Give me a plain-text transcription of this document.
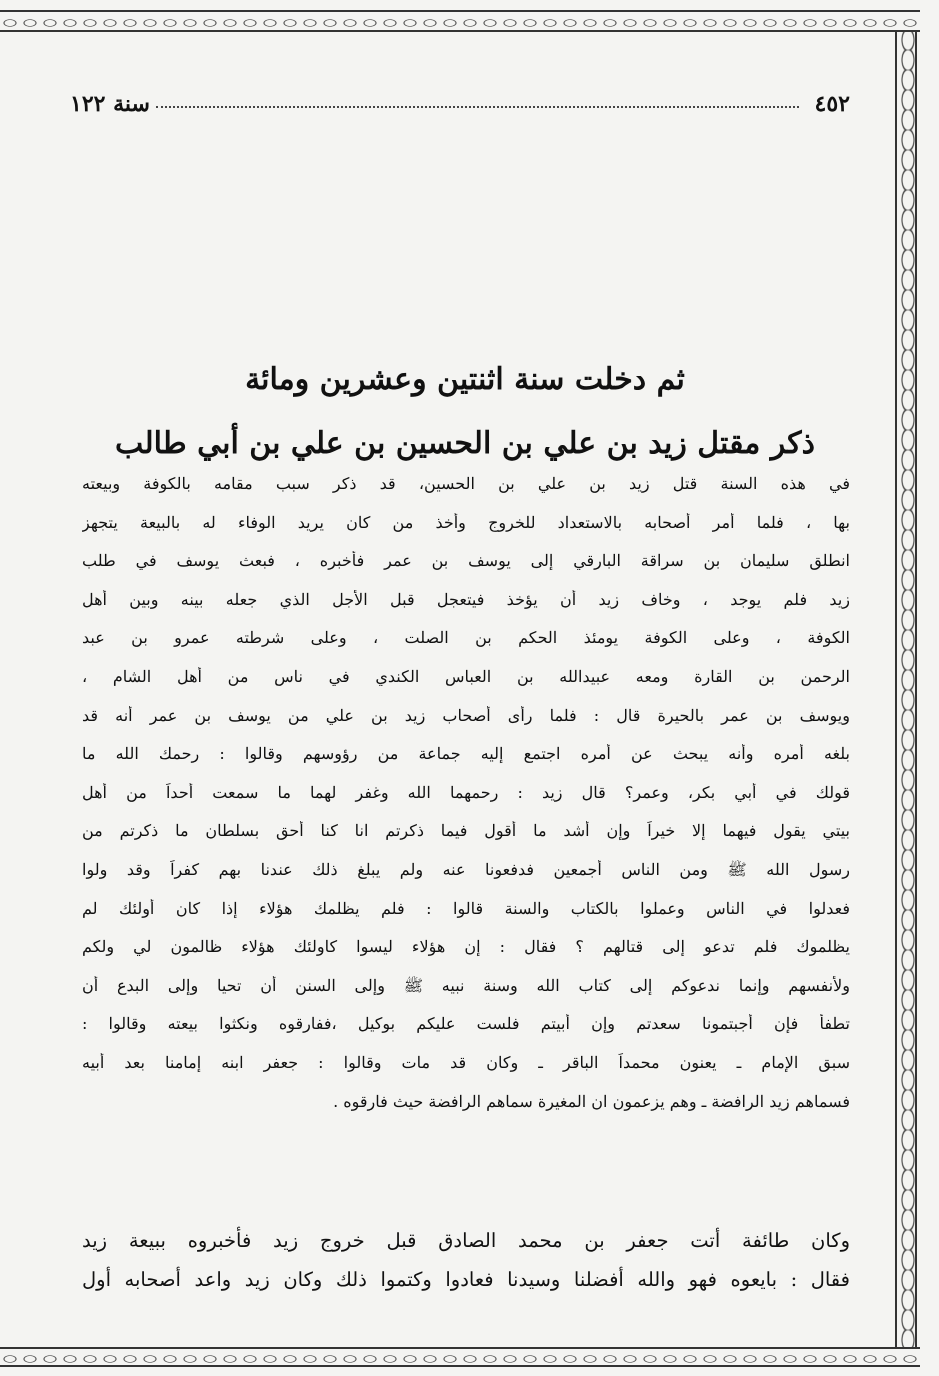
٤٥٢
سنة ١٢٢
ثم دخلت سنة اثنتين وعشرين ومائة
ذكر مقتل زيد بن علي بن الحسين بن علي بن أبي طالب
في هذه السنة قتل زيد بن علي بن الحسين، قد ذكر سبب مقامه بالكوفة وبيعته
بها ، فلما أمر أصحابه بالاستعداد للخروج وأخذ من كان يريد الوفاء له بالبيعة يتجهز
انطلق سليمان بن سراقة البارقي إلى يوسف بن عمر فأخبره ، فبعث يوسف في طلب
زيد فلم يوجد ، وخاف زيد أن يؤخذ فيتعجل قبل الأجل الذي جعله بينه وبين أهل
الكوفة ، وعلى الكوفة يومئذ الحكم بن الصلت ، وعلى شرطته عمرو بن عبد
الرحمن بن القارة ومعه عبيدالله بن العباس الكندي في ناس من أهل الشام ،
ويوسف بن عمر بالحيرة قال : فلما رأى أصحاب زيد بن علي من يوسف بن عمر أنه قد
بلغه أمره وأنه يبحث عن أمره اجتمع إليه جماعة من رؤوسهم وقالوا : رحمك الله ما
قولك في أبي بكر، وعمر؟ قال زيد : رحمهما الله وغفر لهما ما سمعت أحداً من أهل
بيتي يقول فيهما إلا خيراً وإن أشد ما أقول فيما ذكرتم انا كنا أحق بسلطان ما ذكرتم من
رسول الله ﷺ ومن الناس أجمعين فدفعونا عنه ولم يبلغ ذلك عندنا بهم كفراً وقد ولوا
فعدلوا في الناس وعملوا بالكتاب والسنة قالوا : فلم يظلمك هؤلاء إذا كان أولئك لم
يظلموك فلم تدعو إلى قتالهم ؟ فقال : إن هؤلاء ليسوا كاولئك هؤلاء ظالمون لي ولكم
ولأنفسهم وإنما ندعوكم إلى كتاب الله وسنة نبيه ﷺ وإلى السنن أن تحيا وإلى البدع أن
تطفأ فإن أجبتمونا سعدتم وإن أبيتم فلست عليكم بوكيل ،ففارقوه ونكثوا بيعته وقالوا :
سبق الإمام ـ يعنون محمداً الباقر ـ وكان قد مات وقالوا : جعفر ابنه إمامنا بعد أبيه
فسماهم زيد الرافضة ـ وهم يزعمون ان المغيرة سماهم الرافضة حيث فارقوه .
وكان طائفة أتت جعفر بن محمد الصادق قبل خروج زيد فأخبروه ببيعة زيد
فقال : بايعوه فهو والله أفضلنا وسيدنا فعادوا وكتموا ذلك وكان زيد واعد أصحابه أول
